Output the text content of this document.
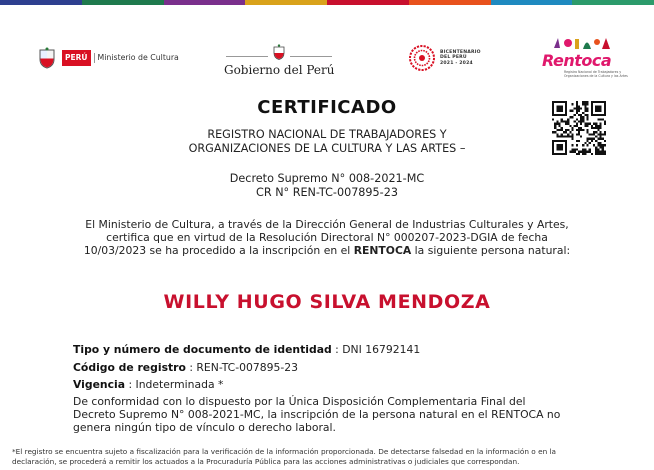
PERÚ	Ministerio de Cultura
Gobierno del Perú
BICENTENARIO
DEL PERÚ
2021 - 2024	Rentoca
Registro Nacional de Trabajadores y Organizaciones de la Cultura y las Artes
CERTIFICADO
REGISTRO NACIONAL DE TRABAJADORES Y
ORGANIZACIONES DE LA CULTURA Y LAS ARTES –
Decreto Supremo N° 008-2021-MC
CR N° REN-TC-007895-23
El Ministerio de Cultura, a través de la Dirección General de Industrias Culturales y Artes,
certifica que en virtud de la Resolución Directoral N° 000207-2023-DGIA de fecha
10/03/2023 se ha procedido a la inscripción en el RENTOCA la siguiente persona natural:
WILLY HUGO SILVA MENDOZA
Tipo y número de documento de identidad : DNI 16792141
Código de registro : REN-TC-007895-23
Vigencia : Indeterminada *
De conformidad con lo dispuesto por la Única Disposición Complementaria Final del
Decreto Supremo N° 008-2021-MC, la inscripción de la persona natural en el RENTOCA no
genera ningún tipo de vínculo o derecho laboral.
*El registro se encuentra sujeto a fiscalización para la verificación de la información proporcionada. De detectarse falsedad en la información o en la
declaración, se procederá a remitir los actuados a la Procuraduría Pública para las acciones administrativas o judiciales que correspondan.
